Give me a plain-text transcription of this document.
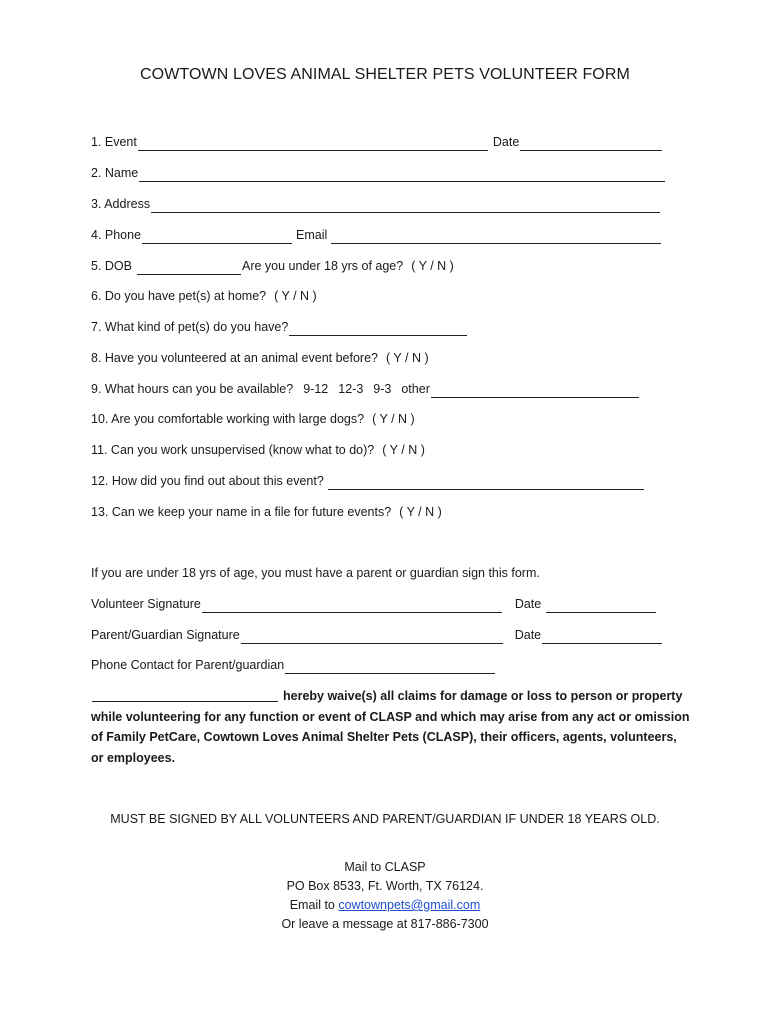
COWTOWN LOVES ANIMAL SHELTER PETS VOLUNTEER FORM
1. Event	Date
2. Name
3. Address
4. Phone	Email
5. DOB	Are you under 18 yrs of age? ( Y / N )
6. Do you have pet(s) at home? ( Y / N )
7. What kind of pet(s) do you have?
8. Have you volunteered at an animal event before? ( Y / N )
9. What hours can you be available? 9-12 12-3 9-3 other
10. Are you comfortable working with large dogs? ( Y / N )
11. Can you work unsupervised (know what to do)? ( Y / N )
12. How did you find out about this event?
13. Can we keep your name in a file for future events? ( Y / N )
If you are under 18 yrs of age, you must have a parent or guardian sign this form.
Volunteer Signature	Date
Parent/Guardian Signature	Date
Phone Contact for Parent/guardian
hereby waive(s) all claims for damage or loss to person or property while volunteering for any function or event of CLASP and which may arise from any act or omission of Family PetCare, Cowtown Loves Animal Shelter Pets (CLASP), their officers, agents, volunteers, or employees.
MUST BE SIGNED BY ALL VOLUNTEERS AND PARENT/GUARDIAN IF UNDER 18 YEARS OLD.
Mail to CLASP
PO Box 8533, Ft. Worth, TX 76124.
Email to cowtownpets@gmail.com
Or leave a message at 817-886-7300
